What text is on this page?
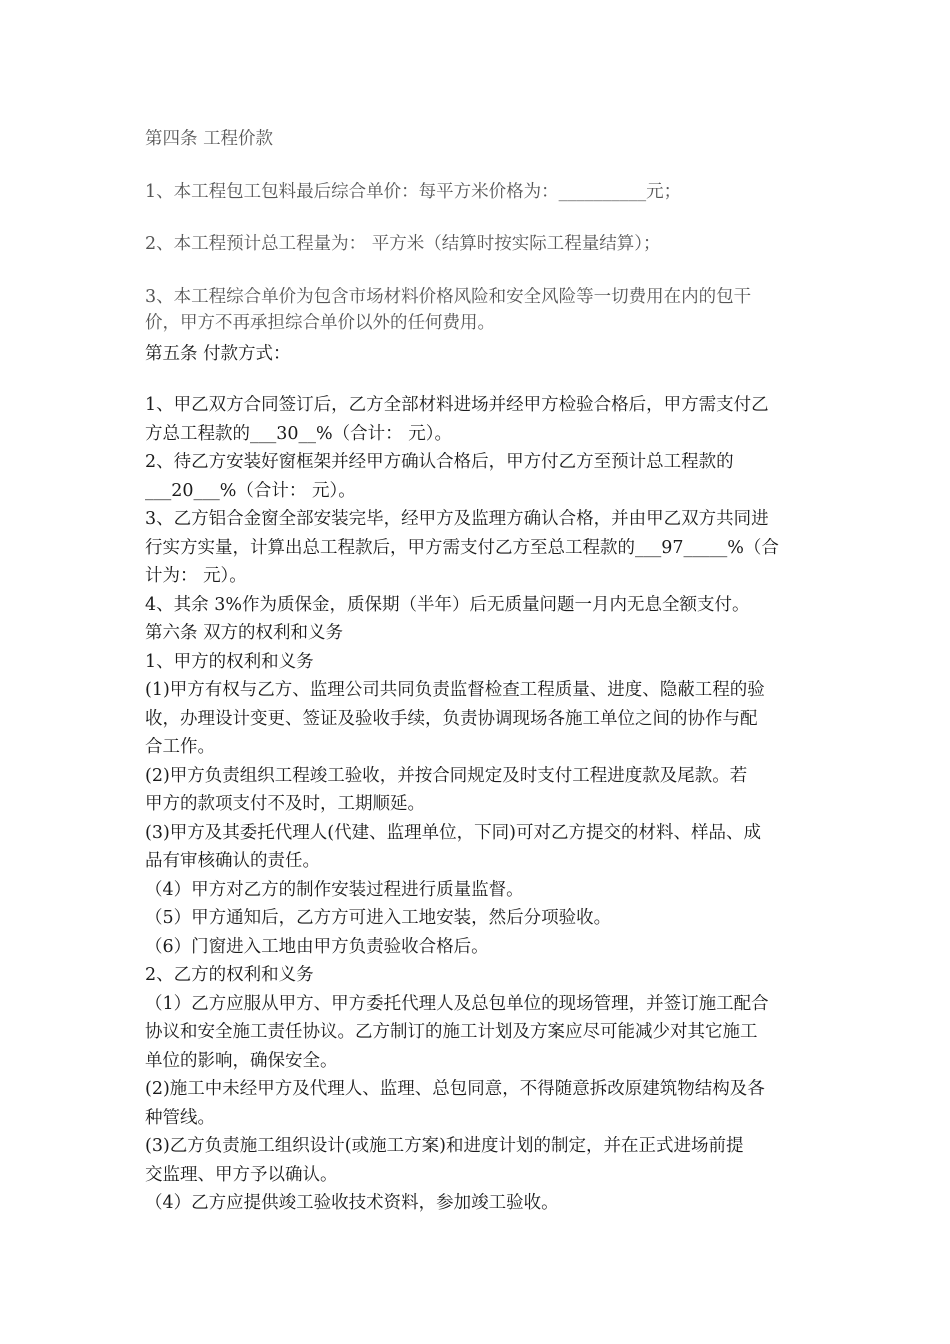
第四条 工程价款
1、本工程包工包料最后综合单价：每平方米价格为：__________元；
2、本工程预计总工程量为： 平方米（结算时按实际工程量结算）；
3、本工程综合单价为包含市场材料价格风险和安全风险等一切费用在内的包干
价，甲方不再承担综合单价以外的任何费用。
第五条 付款方式：
1、甲乙双方合同签订后，乙方全部材料进场并经甲方检验合格后，甲方需支付乙
方总工程款的___30__%（合计： 元）。
2、待乙方安装好窗框架并经甲方确认合格后，甲方付乙方至预计总工程款的
___20___%（合计： 元）。
3、乙方铝合金窗全部安装完毕，经甲方及监理方确认合格，并由甲乙双方共同进
行实方实量，计算出总工程款后，甲方需支付乙方至总工程款的___97_____%（合
计为： 元）。
4、其余 3%作为质保金，质保期（半年）后无质量问题一月内无息全额支付。
第六条 双方的权利和义务
1、甲方的权利和义务
(1)甲方有权与乙方、监理公司共同负责监督检查工程质量、进度、隐蔽工程的验
收，办理设计变更、签证及验收手续，负责协调现场各施工单位之间的协作与配
合工作。
(2)甲方负责组织工程竣工验收，并按合同规定及时支付工程进度款及尾款。若
甲方的款项支付不及时，工期顺延。
(3)甲方及其委托代理人(代建、监理单位，下同)可对乙方提交的材料、样品、成
品有审核确认的责任。
（4）甲方对乙方的制作安装过程进行质量监督。
（5）甲方通知后，乙方方可进入工地安装，然后分项验收。
（6）门窗进入工地由甲方负责验收合格后。
2、乙方的权利和义务
（1）乙方应服从甲方、甲方委托代理人及总包单位的现场管理，并签订施工配合
协议和安全施工责任协议。乙方制订的施工计划及方案应尽可能减少对其它施工
单位的影响，确保安全。
(2)施工中未经甲方及代理人、监理、总包同意，不得随意拆改原建筑物结构及各
种管线。
(3)乙方负责施工组织设计(或施工方案)和进度计划的制定，并在正式进场前提
交监理、甲方予以确认。
（4）乙方应提供竣工验收技术资料，参加竣工验收。
